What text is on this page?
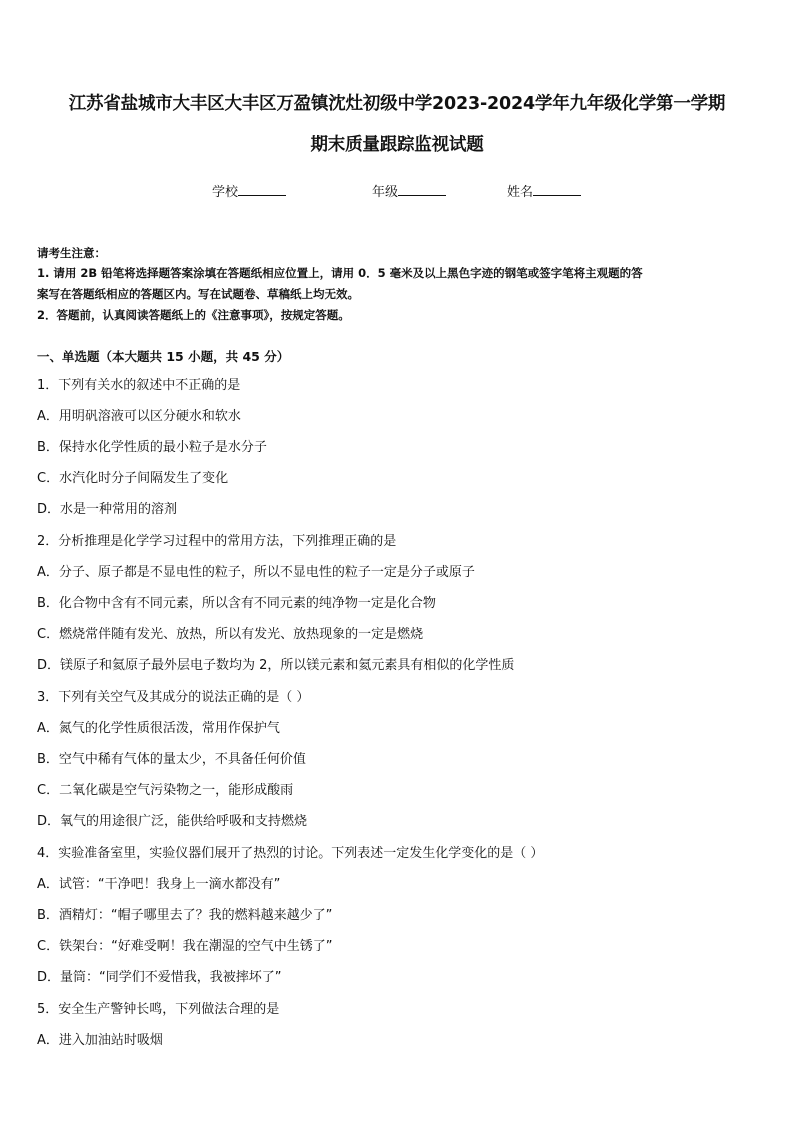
江苏省盐城市大丰区大丰区万盈镇沈灶初级中学2023-2024学年九年级化学第一学期
期末质量跟踪监视试题
学校	年级	姓名
请考生注意：
1. 请用 2B 铅笔将选择题答案涂填在答题纸相应位置上，请用 0．5 毫米及以上黑色字迹的钢笔或签字笔将主观题的答
案写在答题纸相应的答题区内。写在试题卷、草稿纸上均无效。
2．答题前，认真阅读答题纸上的《注意事项》，按规定答题。
一、单选题（本大题共 15 小题，共 45 分）
1．下列有关水的叙述中不正确的是
A．用明矾溶液可以区分硬水和软水
B．保持水化学性质的最小粒子是水分子
C．水汽化时分子间隔发生了变化
D．水是一种常用的溶剂
2．分析推理是化学学习过程中的常用方法，下列推理正确的是
A．分子、原子都是不显电性的粒子，所以不显电性的粒子一定是分子或原子
B．化合物中含有不同元素，所以含有不同元素的纯净物一定是化合物
C．燃烧常伴随有发光、放热，所以有发光、放热现象的一定是燃烧
D．镁原子和氦原子最外层电子数均为 2，所以镁元素和氦元素具有相似的化学性质
3．下列有关空气及其成分的说法正确的是（ ）
A．氮气的化学性质很活泼，常用作保护气
B．空气中稀有气体的量太少，不具备任何价值
C．二氧化碳是空气污染物之一，能形成酸雨
D．氧气的用途很广泛，能供给呼吸和支持燃烧
4．实验准备室里，实验仪器们展开了热烈的讨论。下列表述一定发生化学变化的是（ ）
A．试管：“干净吧！我身上一滴水都没有”
B．酒精灯：“帽子哪里去了？我的燃料越来越少了”
C．铁架台：“好难受啊！我在潮湿的空气中生锈了”
D．量筒：“同学们不爱惜我，我被摔坏了”
5．安全生产警钟长鸣，下列做法合理的是
A．进入加油站时吸烟
